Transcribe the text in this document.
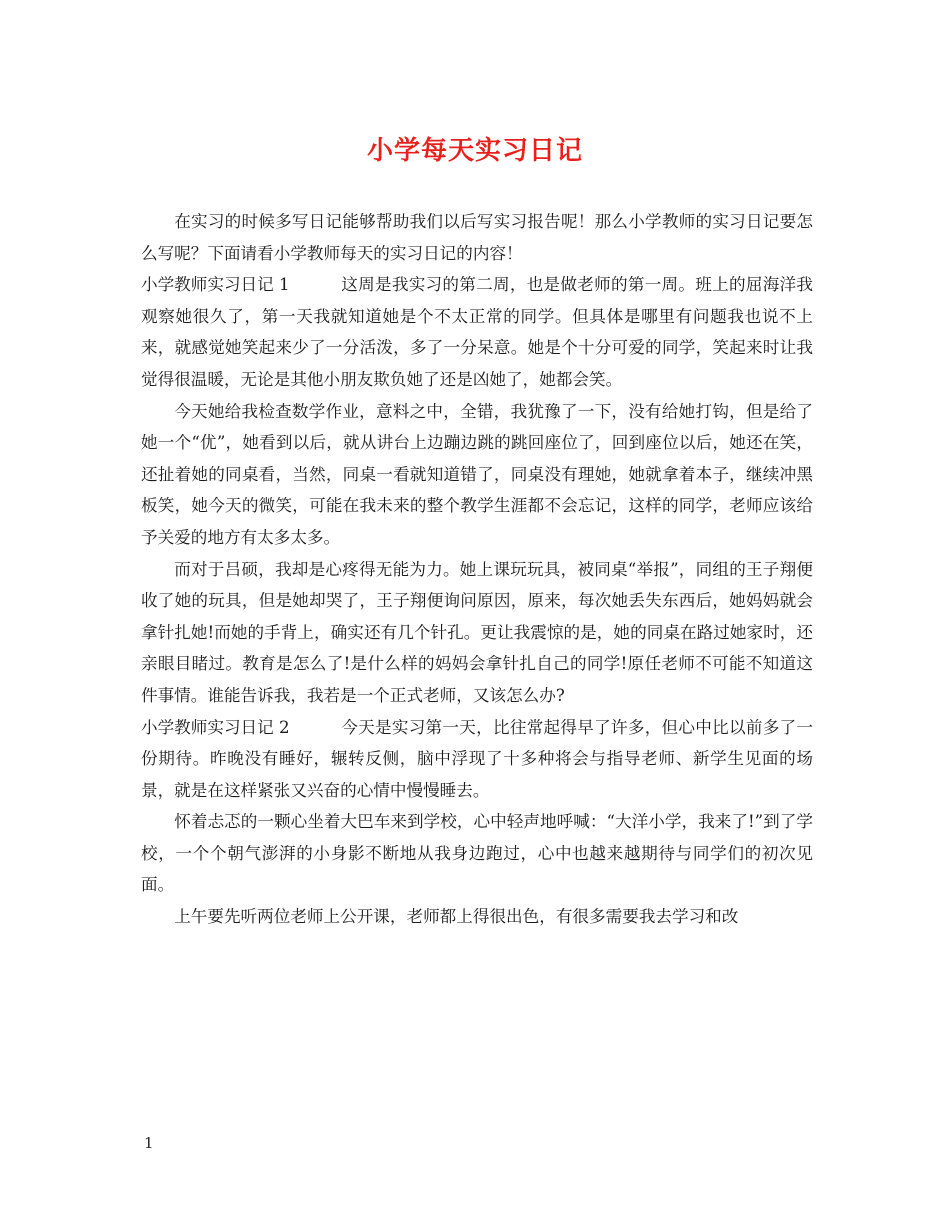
小学每天实习日记

在实习的时候多写日记能够帮助我们以后写实习报告呢！那么小学教师的实习日记要怎么写呢？下面请看小学教师每天的实习日记的内容！

小学教师实习日记 1	这周是我实习的第二周，也是做老师的第一周。班上的屈海洋我观察她很久了，第一天我就知道她是个不太正常的同学。但具体是哪里有问题我也说不上来，就感觉她笑起来少了一分活泼，多了一分呆意。她是个十分可爱的同学，笑起来时让我觉得很温暖，无论是其他小朋友欺负她了还是凶她了，她都会笑。

今天她给我检查数学作业，意料之中，全错，我犹豫了一下，没有给她打钩，但是给了她一个“优”，她看到以后，就从讲台上边蹦边跳的跳回座位了，回到座位以后，她还在笑，还扯着她的同桌看，当然，同桌一看就知道错了，同桌没有理她，她就拿着本子，继续冲黑板笑，她今天的微笑，可能在我未来的整个教学生涯都不会忘记，这样的同学，老师应该给予关爱的地方有太多太多。

而对于吕硕，我却是心疼得无能为力。她上课玩玩具，被同桌“举报”，同组的王子翔便收了她的玩具，但是她却哭了，王子翔便询问原因，原来，每次她丢失东西后，她妈妈就会拿针扎她!而她的手背上，确实还有几个针孔。更让我震惊的是，她的同桌在路过她家时，还亲眼目睹过。教育是怎么了!是什么样的妈妈会拿针扎自己的同学!原任老师不可能不知道这件事情。谁能告诉我，我若是一个正式老师，又该怎么办?

小学教师实习日记 2	今天是实习第一天，比往常起得早了许多，但心中比以前多了一份期待。昨晚没有睡好，辗转反侧，脑中浮现了十多种将会与指导老师、新学生见面的场景，就是在这样紧张又兴奋的心情中慢慢睡去。

怀着忐忑的一颗心坐着大巴车来到学校，心中轻声地呼喊：“大洋小学，我来了!”到了学校，一个个朝气澎湃的小身影不断地从我身边跑过，心中也越来越期待与同学们的初次见面。

上午要先听两位老师上公开课，老师都上得很出色，有很多需要我去学习和改

1
